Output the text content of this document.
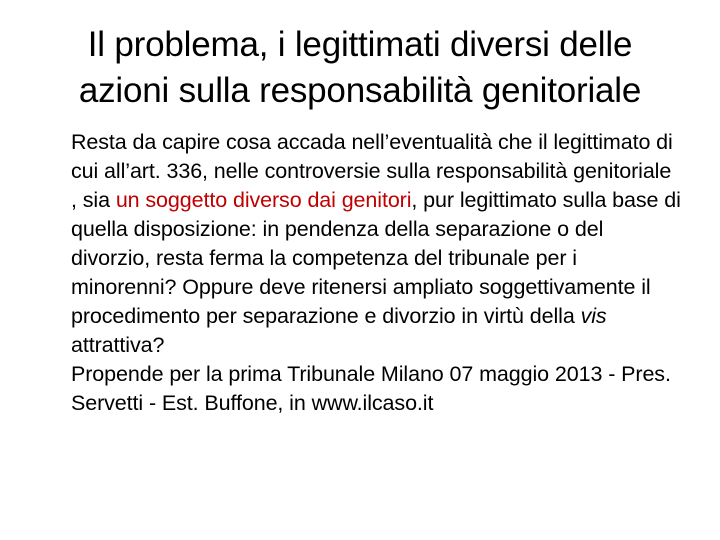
Il problema, i legittimati diversi delle
azioni sulla responsabilità genitoriale

Resta da capire cosa accada nell’eventualità che il legittimato di cui all’art. 336, nelle controversie sulla responsabilità genitoriale , sia un soggetto diverso dai genitori, pur legittimato sulla base di quella disposizione: in pendenza della separazione o del divorzio, resta ferma la competenza del tribunale per i minorenni? Oppure deve ritenersi ampliato soggettivamente il procedimento per separazione e divorzio in virtù della vis attrattiva?

Propende per la prima Tribunale Milano 07 maggio 2013 - Pres. Servetti - Est. Buffone, in www.ilcaso.it
